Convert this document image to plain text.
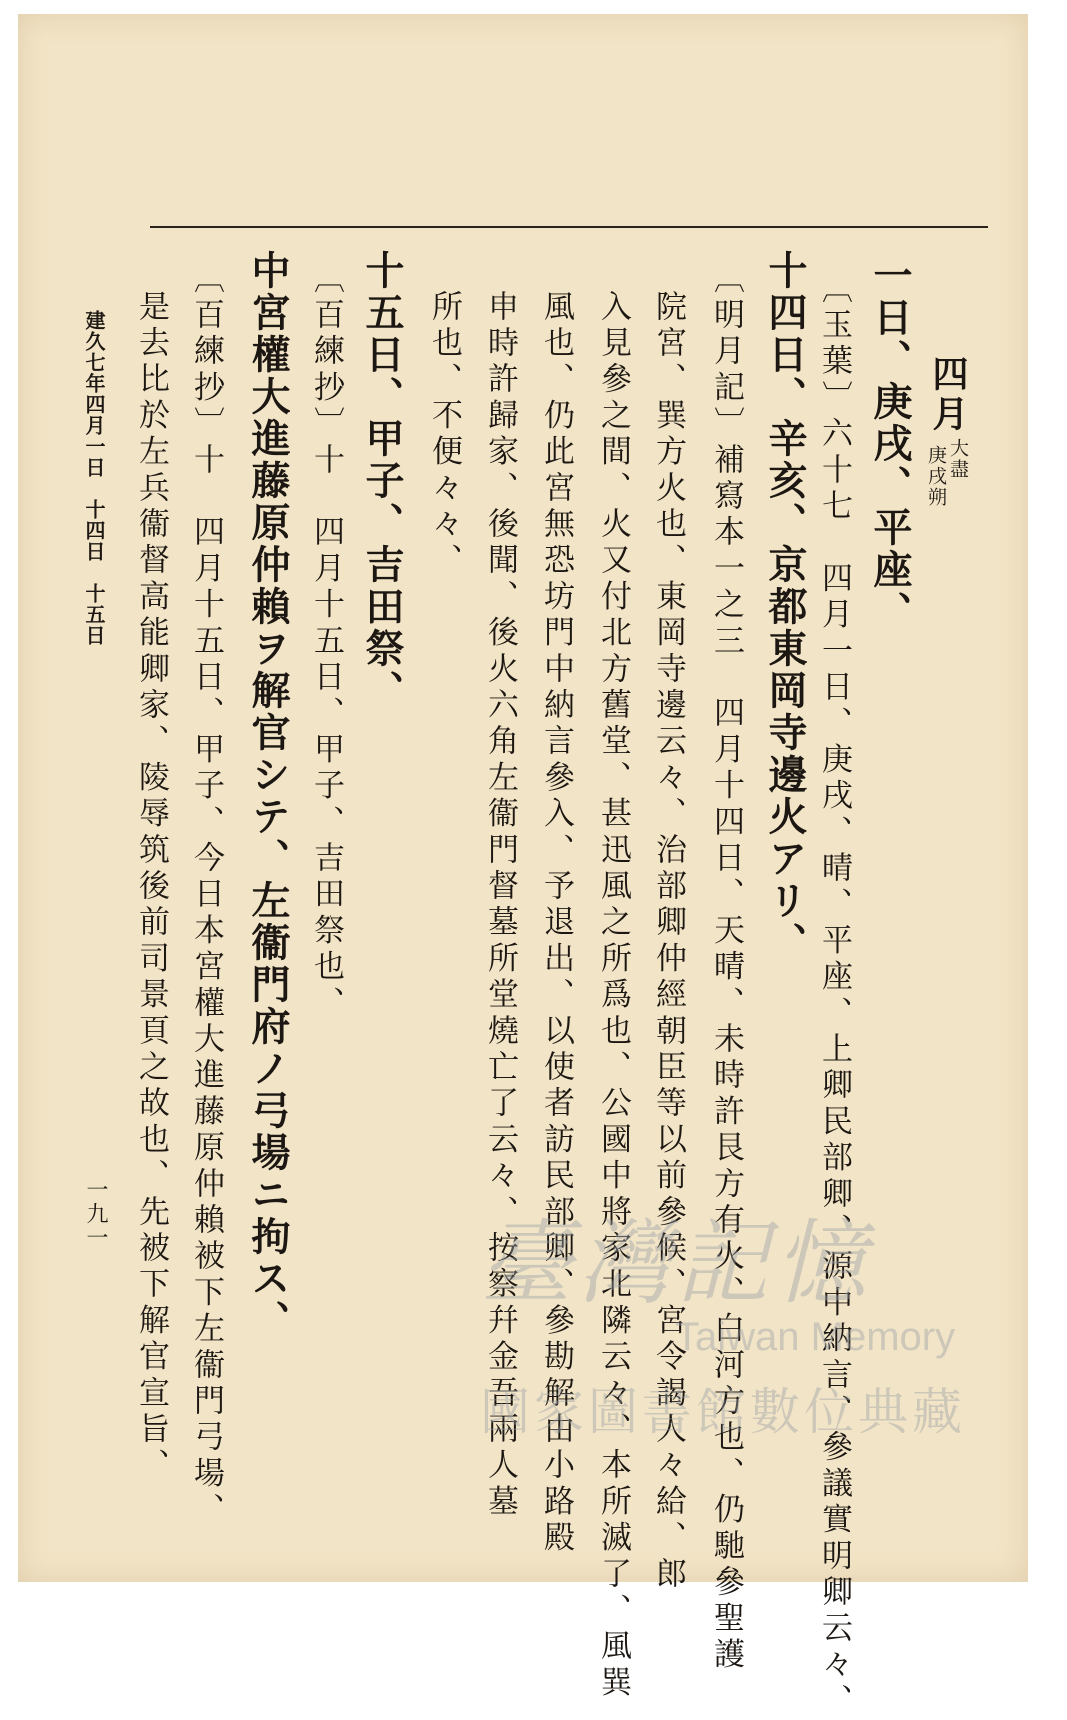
四月
大盡
庚戌朔
一日、庚戌、平座、
〔玉葉〕六十七　四月一日、庚戌、晴、平座、上卿民部卿、源中納言、參議實明卿云々、
十四日、辛亥、京都東岡寺邊火アリ、
〔明月記〕補寫本一之三　四月十四日、天晴、未時許艮方有火、白河方也、仍馳參聖護
院宮、巽方火也、東岡寺邊云々、治部卿仲經朝臣等以前參候、宮令謁人々給、郎
入見參之間、火又付北方舊堂、甚迅風之所爲也、公國中將家北隣云々、本所滅了、風巽
風也、仍此宮無恐坊門中納言參入、予退出、以使者訪民部卿、參勘解由小路殿
申時許歸家、後聞、後火六角左衞門督墓所堂燒亡了云々、按察幷金吾兩人墓
所也、不便々々、
十五日、甲子、吉田祭、
〔百練抄〕十　四月十五日、甲子、吉田祭也、
中宮權大進藤原仲賴ヲ解官シテ、左衞門府ノ弓場ニ拘ス、
〔百練抄〕十　四月十五日、甲子、今日本宮權大進藤原仲賴被下左衞門弓場、
是去比於左兵衞督高能卿家、陵辱筑後前司景頁之故也、先被下解官宣旨、
建久七年四月一日　十四日　十五日
一九一	臺灣記憶
Taiwan Memory
國家圖書館數位典藏
